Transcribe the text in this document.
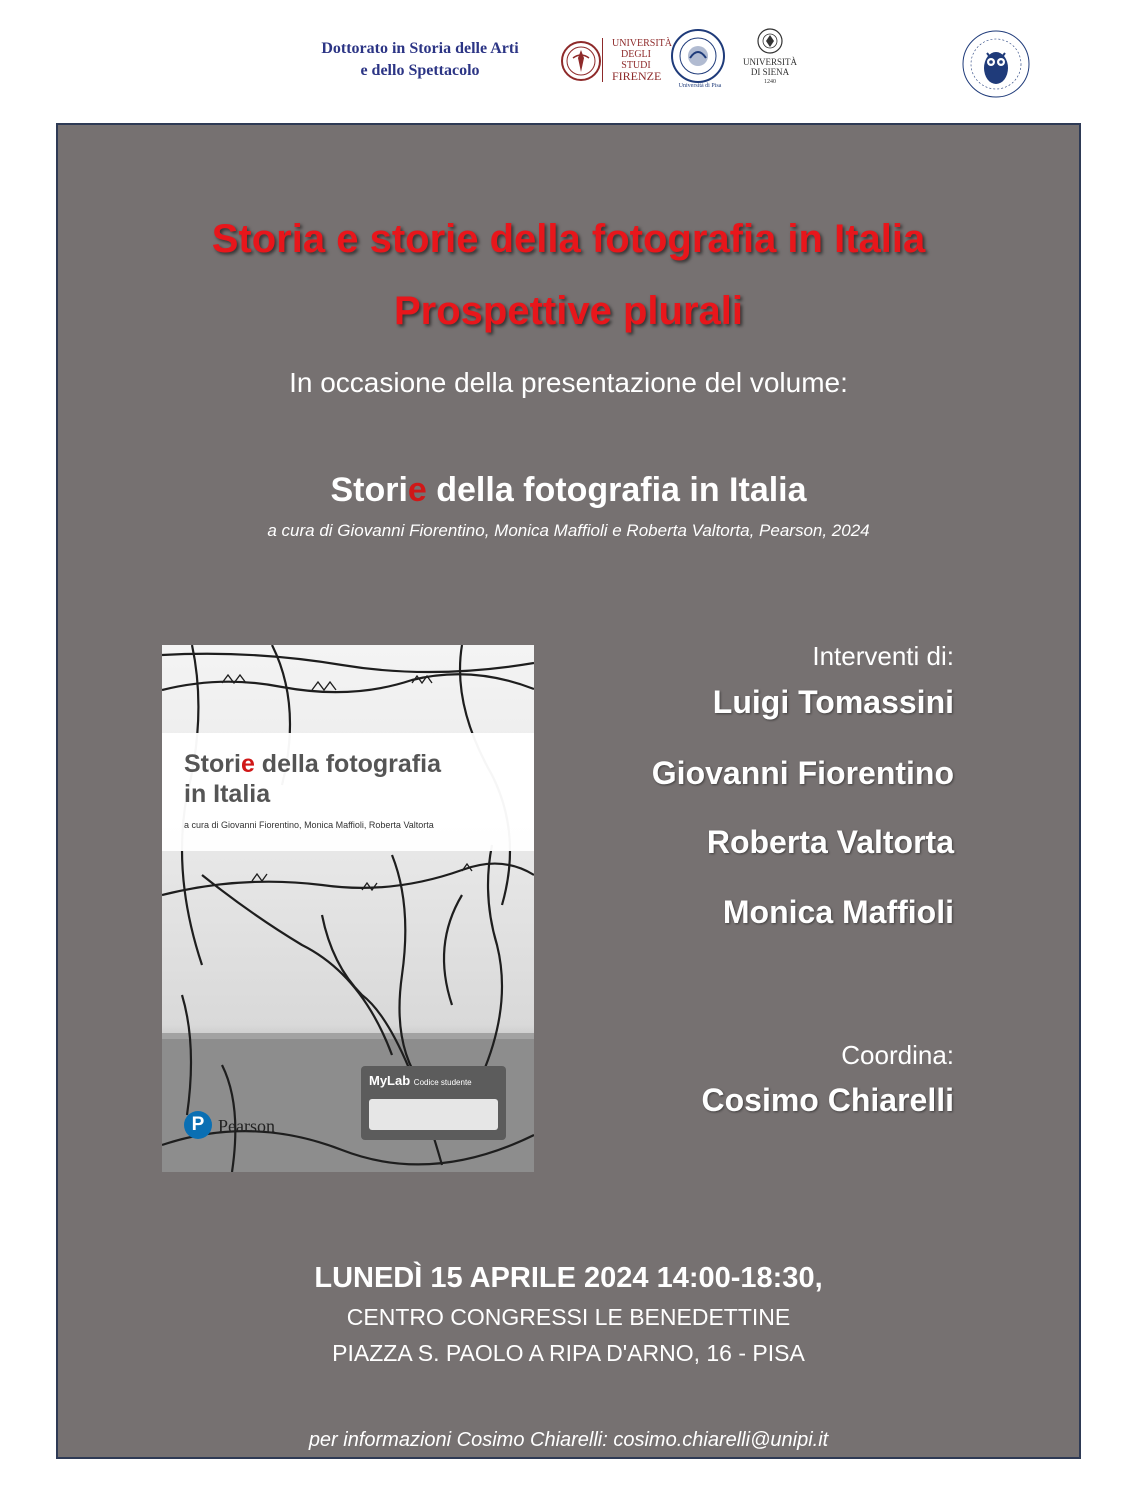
Dottorato in Storia delle Arti
e dello Spettacolo
UNIVERSITÀ
DEGLI STUDI
FIRENZE
Università di Pisa
UNIVERSITÀ
DI SIENA
1240
Storia e storie della fotografia in Italia
Prospettive plurali
In occasione della presentazione del volume:
Storie della fotografia in Italia
a cura di Giovanni Fiorentino, Monica Maffioli e Roberta Valtorta, Pearson, 2024
Storie della fotografia
in Italia
a cura di Giovanni Fiorentino, Monica Maffioli, Roberta Valtorta
MyLab Codice studente
P Pearson
Interventi di:
Luigi Tomassini
Giovanni Fiorentino
Roberta Valtorta
Monica Maffioli
Coordina:
Cosimo Chiarelli
LUNEDÌ 15 APRILE 2024 14:00-18:30,
CENTRO CONGRESSI LE BENEDETTINE
PIAZZA S. PAOLO A RIPA D'ARNO, 16 - PISA
per informazioni Cosimo Chiarelli: cosimo.chiarelli@unipi.it
